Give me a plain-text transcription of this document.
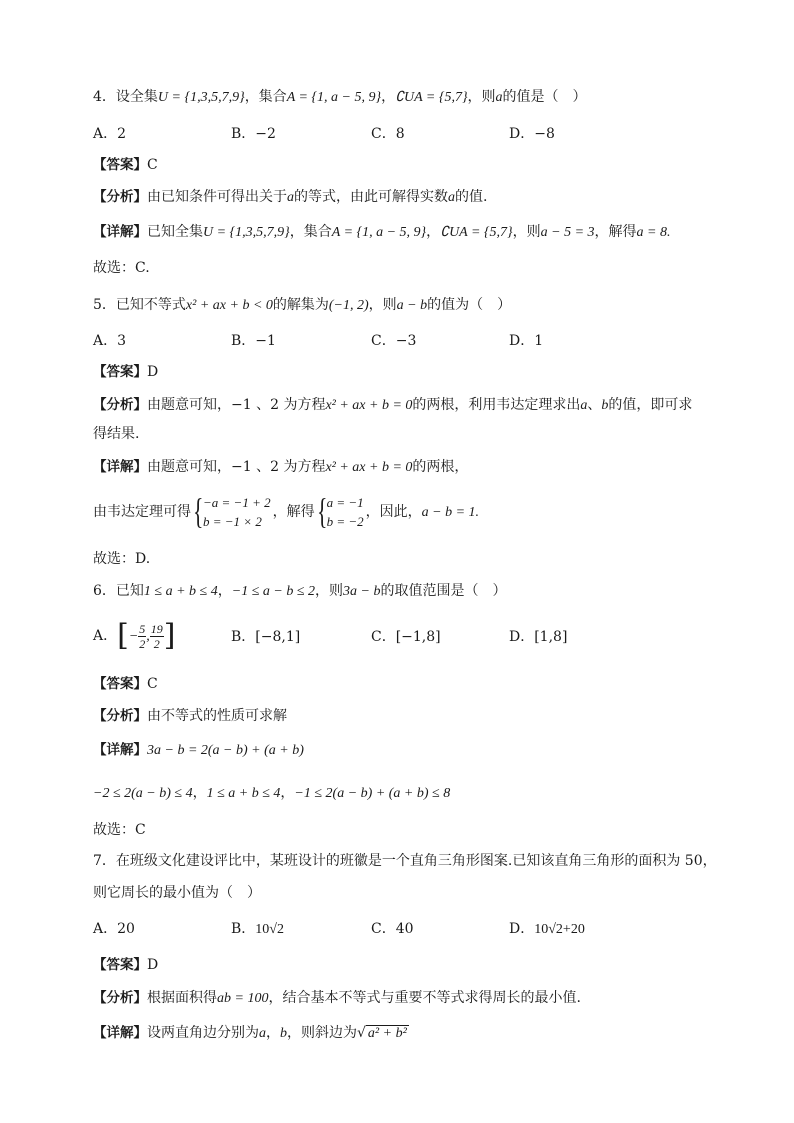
4．设全集U = {1,3,5,7,9}，集合A = {1, a − 5, 9}，∁UA = {5,7}，则a的值是（　）
A．2	B．−2	C．8	D．−8
【答案】C
【分析】由已知条件可得出关于a的等式，由此可解得实数a的值.
【详解】已知全集U = {1,3,5,7,9}，集合A = {1, a − 5, 9}，∁UA = {5,7}，则a − 5 = 3，解得a = 8.
故选：C.
5．已知不等式x² + ax + b < 0的解集为(−1, 2)，则a − b的值为（　）
A．3	B．−1	C．−3	D．1
【答案】D
【分析】由题意可知，−1 、2 为方程x² + ax + b = 0的两根，利用韦达定理求出a、b的值，即可求
得结果.
【详解】由题意可知，−1 、2 为方程x² + ax + b = 0的两根，
由韦达定理可得 { −a = −1 + 2
b = −1 × 2
，解得 { a = −1
b = −2
，因此，a − b = 1.
故选：D.
6．已知1 ≤ a + b ≤ 4，−1 ≤ a − b ≤ 2，则3a − b的取值范围是（　）
A．[− $\frac{5}{2}$ , $\frac{19}{2}$ ]	B．[−8,1]	C．[−1,8]	D．[1,8]
【答案】C
【分析】由不等式的性质可求解
【详解】3a − b = 2(a − b) + (a + b)
−2 ≤ 2(a − b) ≤ 4，1 ≤ a + b ≤ 4，−1 ≤ 2(a − b) + (a + b) ≤ 8
故选：C
7．在班级文化建设评比中，某班设计的班徽是一个直角三角形图案.已知该直角三角形的面积为 50，
则它周长的最小值为（　）
A．20	B．10√2	C．40	D．10√2+20
【答案】D
【分析】根据面积得ab = 100，结合基本不等式与重要不等式求得周长的最小值.
【详解】设两直角边分别为a，b，则斜边为√ a² + b²
